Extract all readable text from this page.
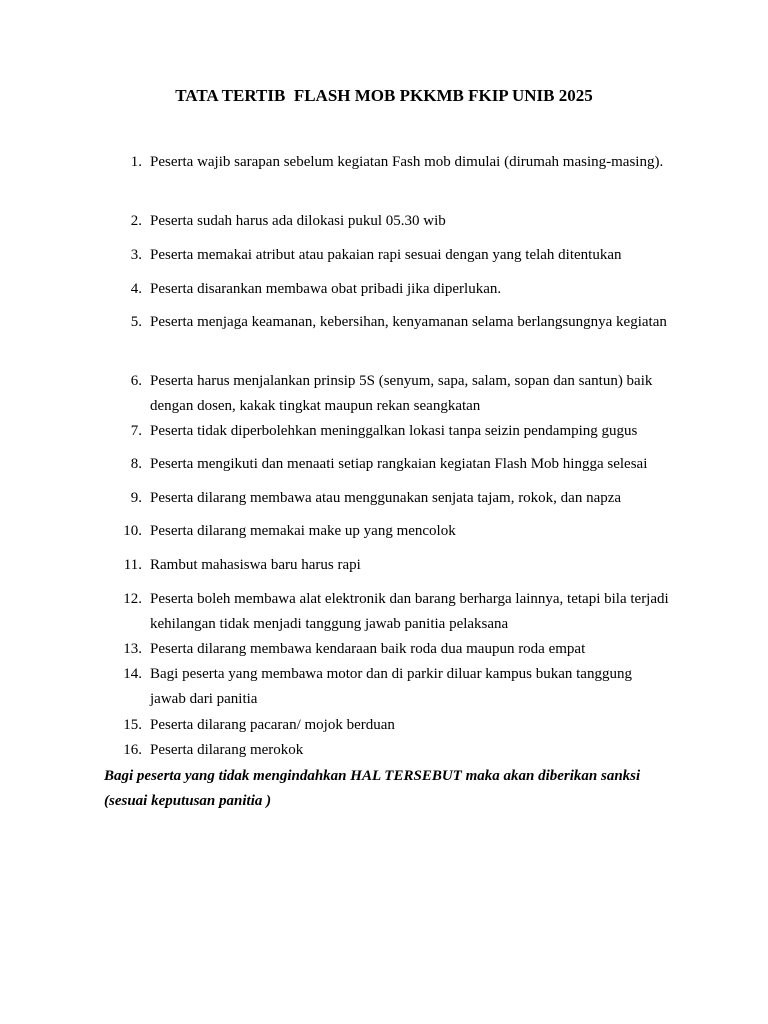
TATA TERTIB  FLASH MOB PKKMB FKIP UNIB 2025
1. Peserta wajib sarapan sebelum kegiatan Fash mob dimulai (dirumah masing-masing).
2. Peserta sudah harus ada dilokasi pukul 05.30 wib
3. Peserta memakai atribut atau pakaian rapi sesuai dengan yang telah ditentukan
4. Peserta disarankan membawa obat pribadi jika diperlukan.
5. Peserta menjaga keamanan, kebersihan, kenyamanan selama berlangsungnya kegiatan
6. Peserta harus menjalankan prinsip 5S (senyum, sapa, salam, sopan dan santun) baik dengan dosen, kakak tingkat maupun rekan seangkatan
7. Peserta tidak diperbolehkan meninggalkan lokasi tanpa seizin pendamping gugus
8. Peserta mengikuti dan menaati setiap rangkaian kegiatan Flash Mob hingga selesai
9. Peserta dilarang membawa atau menggunakan senjata tajam, rokok, dan napza
10. Peserta dilarang memakai make up yang mencolok
11. Rambut mahasiswa baru harus rapi
12. Peserta boleh membawa alat elektronik dan barang berharga lainnya, tetapi bila terjadi kehilangan tidak menjadi tanggung jawab panitia pelaksana
13. Peserta dilarang membawa kendaraan baik roda dua maupun roda empat
14. Bagi peserta yang membawa motor dan di parkir diluar kampus bukan tanggung jawab dari panitia
15. Peserta dilarang pacaran/ mojok berduan
16. Peserta dilarang merokok
Bagi peserta yang tidak mengindahkan HAL TERSEBUT maka akan diberikan sanksi (sesuai keputusan panitia )
